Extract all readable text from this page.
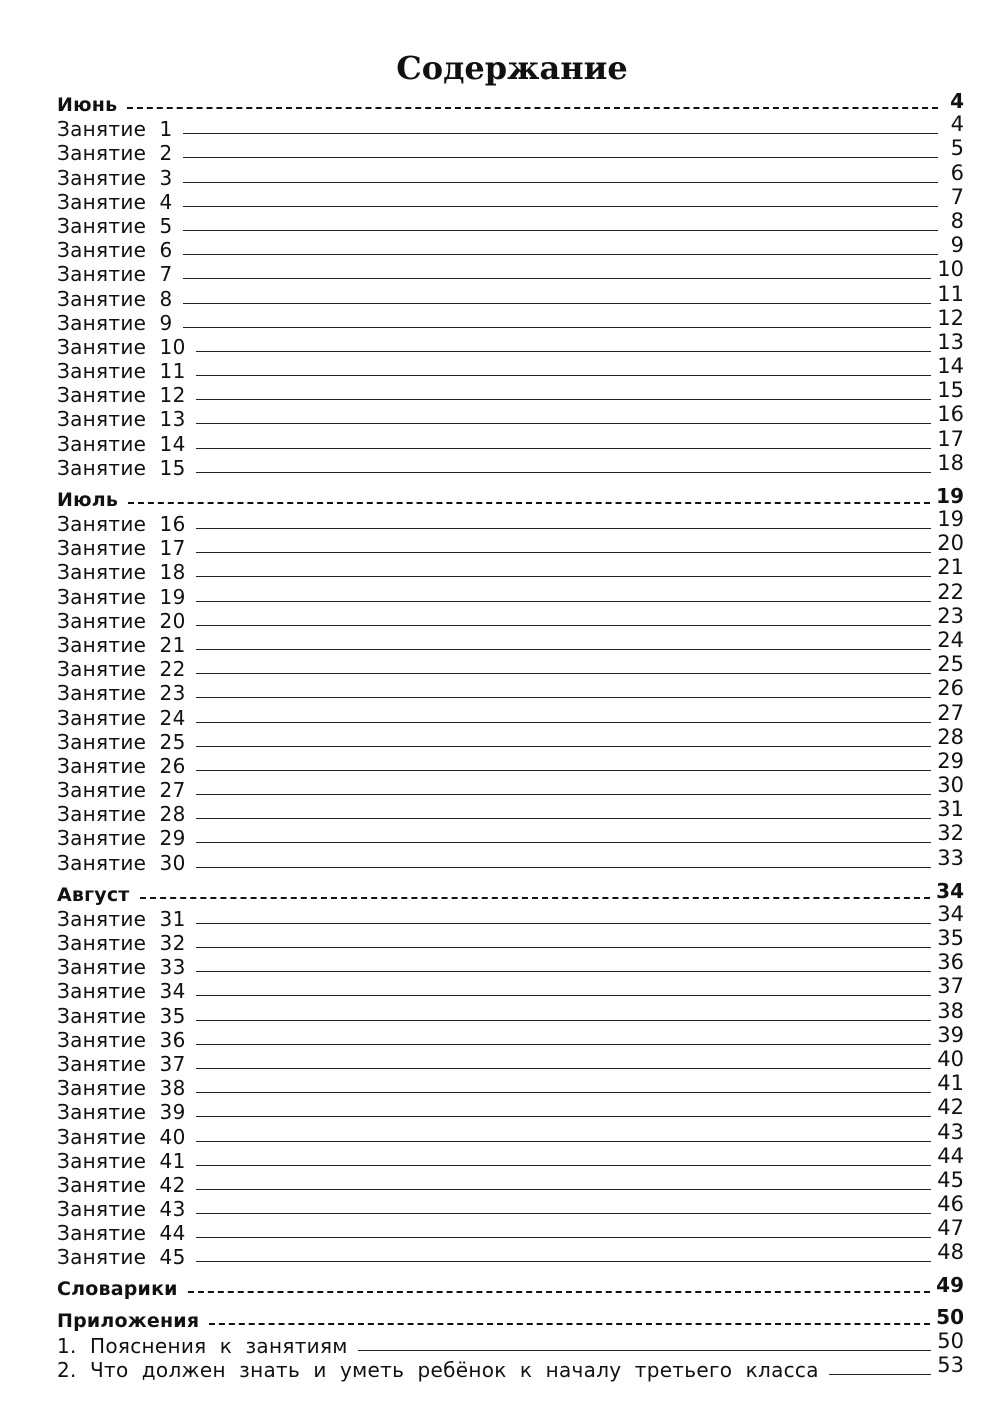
Содержание
Июнь	4
Занятие  1	4
Занятие  2	5
Занятие  3	6
Занятие  4	7
Занятие  5	8
Занятие  6	9
Занятие  7	10
Занятие  8	11
Занятие  9	12
Занятие  10	13
Занятие  11	14
Занятие  12	15
Занятие  13	16
Занятие  14	17
Занятие  15	18
Июль	19
Занятие  16	19
Занятие  17	20
Занятие  18	21
Занятие  19	22
Занятие  20	23
Занятие  21	24
Занятие  22	25
Занятие  23	26
Занятие  24	27
Занятие  25	28
Занятие  26	29
Занятие  27	30
Занятие  28	31
Занятие  29	32
Занятие  30	33
Август	34
Занятие  31	34
Занятие  32	35
Занятие  33	36
Занятие  34	37
Занятие  35	38
Занятие  36	39
Занятие  37	40
Занятие  38	41
Занятие  39	42
Занятие  40	43
Занятие  41	44
Занятие  42	45
Занятие  43	46
Занятие  44	47
Занятие  45	48
Словарики	49
Приложения	50
1.  Пояснения  к  занятиям	50
2.  Что  должен  знать  и  уметь  ребёнок  к  началу  третьего  класса	53
